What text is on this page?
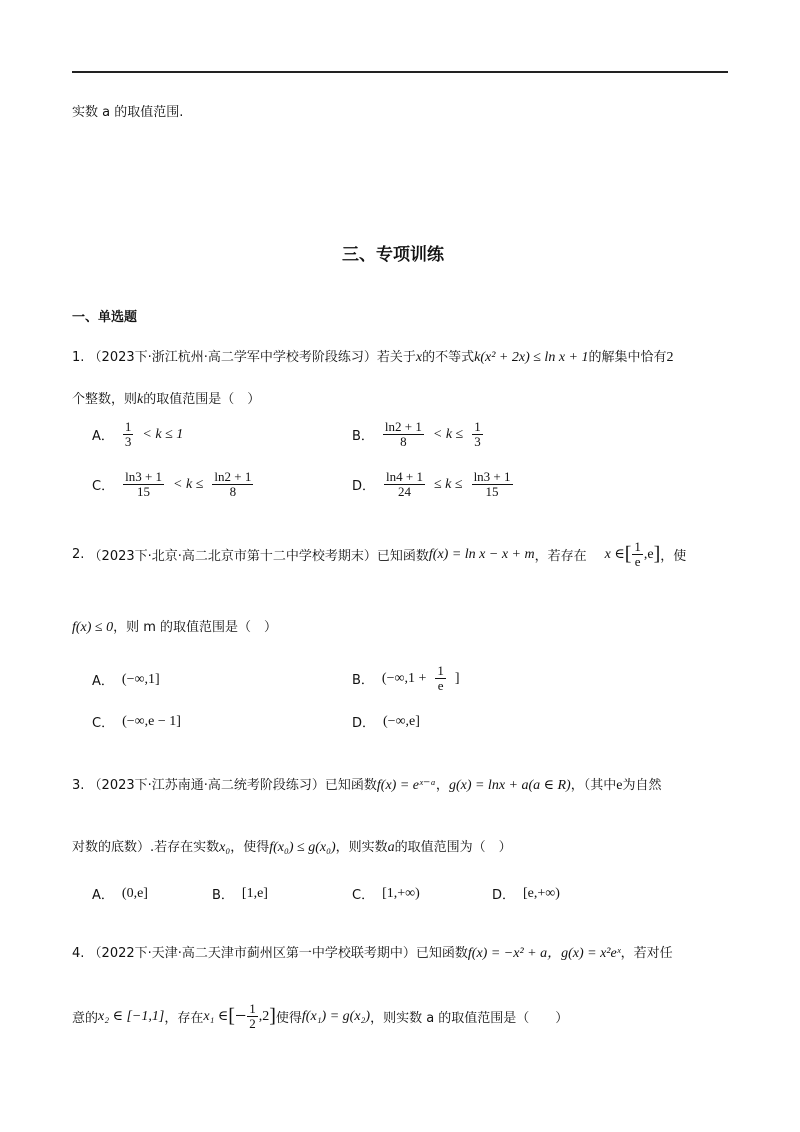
实数 a 的取值范围.
三、专项训练
一、单选题
1. （2023下·浙江杭州·高二学军中学校考阶段练习）若关于x的不等式k(x² + 2x) ≤ ln x + 1的解集中恰有2
个整数，则k的取值范围是（　）
A． $\frac{1}{3} < k \le 1$	B． $\frac{\ln 2 + 1}{8} < k \le \frac{1}{3}$
C． $\frac{\ln 3 + 1}{15} < k \le \frac{\ln 2 + 1}{8}$	D． $\frac{\ln 4 + 1}{24} \le k \le \frac{\ln 3 + 1}{15}$
2.
（2023下·北京·高二北京市第十二中学校考期末）已知函数 f(x) = ln x − x + m ，若存在 x ∈ [ $\frac{1}{e} ,e$ ] ，使
f(x) ≤ 0，则 m 的取值范围是（　）
A． (−∞,1]	B． ($-\infty,1 + \frac{1}{e}$ ]
C． (−∞,e − 1]	D． (−∞,e]
3. （2023下·江苏南通·高二统考阶段练习）已知函数f(x) = eˣ⁻ᵃ，g(x) = lnx + a(a ∈ R)，（其中e为自然
对数的底数）.若存在实数x₀，使得f(x₀) ≤ g(x₀)，则实数a的取值范围为（　）
A． (0,e]	B． [1,e]	C． [1,+∞)	D． [e,+∞)
4. （2022下·天津·高二天津市蓟州区第一中学校联考期中）已知函数f(x) = −x² + a，g(x) = x²eˣ，若对任
意的 x₂ ∈ [−1,1] ，存在 x₁ ∈ [− $\frac{1}{2} ,2$ ] 使得 f(x₁) = g(x₂) ，则实数 a 的取值范围是（　　）
